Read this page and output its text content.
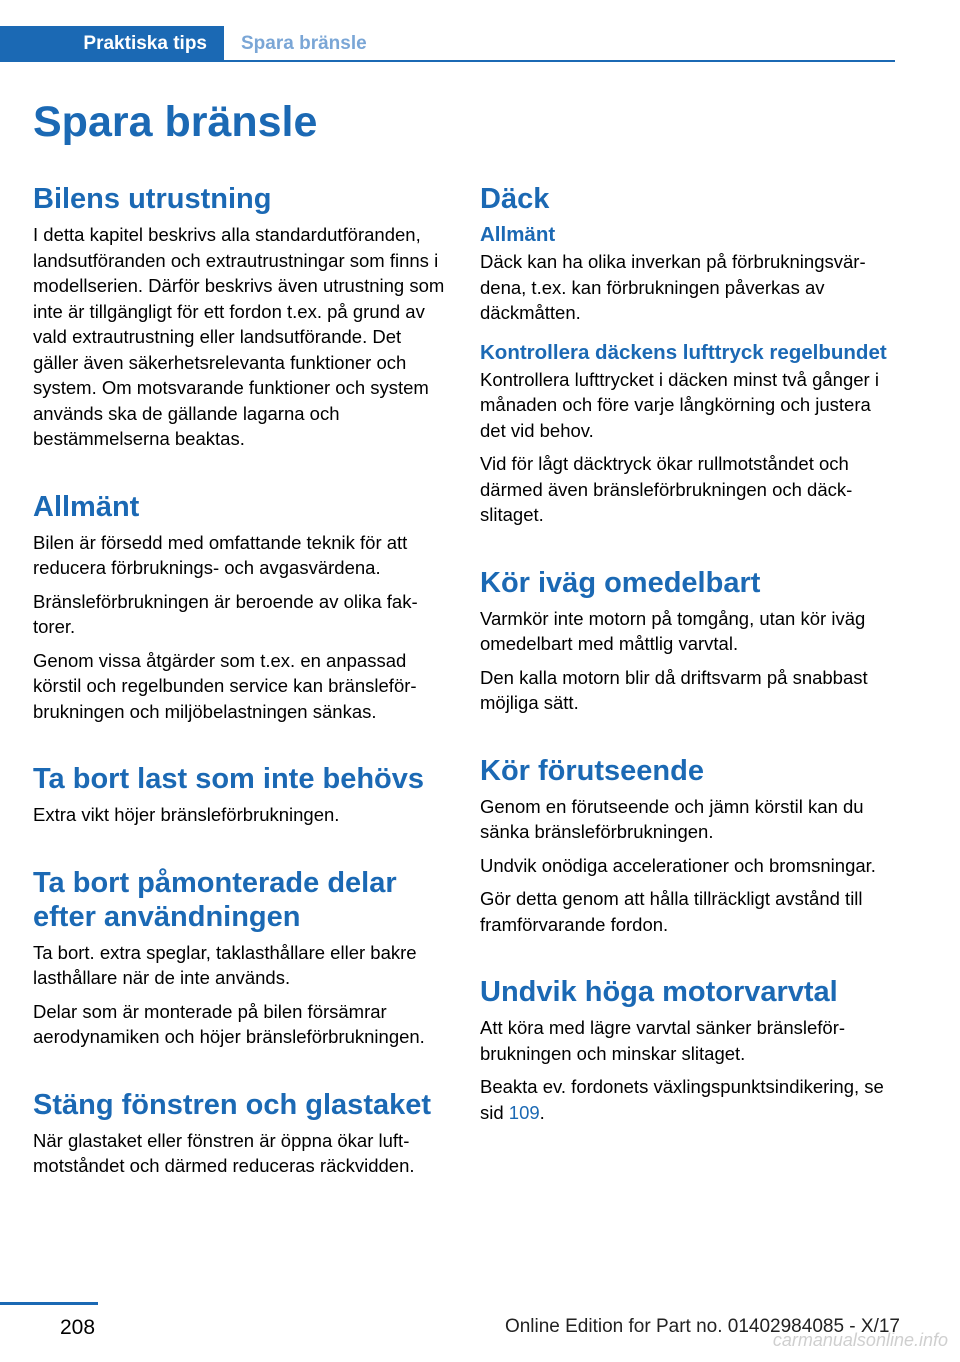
Praktiska tips	Spara bränsle
Spara bränsle
Bilens utrustning

I detta kapitel beskrivs alla standardutföranden, landsutföranden och extrautrustningar som finns i modellserien. Därför beskrivs även utrustning som inte är tillgängligt för ett fordon t.ex. på grund av vald extrautrustning eller landsutförande. Det gäller även säkerhetsrelevanta funktioner och system. Om motsvarande funktioner och system används ska de gällande lagarna och bestämmelserna beaktas.

Allmänt

Bilen är försedd med omfattande teknik för att reducera förbruknings- och avgasvärdena.

Bränsleförbrukningen är beroende av olika faktorer.

Genom vissa åtgärder som t.ex. en anpassad körstil och regelbunden service kan bränsleförbrukningen och miljöbelastningen sänkas.

Ta bort last som inte behövs

Extra vikt höjer bränsleförbrukningen.

Ta bort påmonterade delar efter användningen

Ta bort. extra speglar, taklasthållare eller bakre lasthållare när de inte används.

Delar som är monterade på bilen försämrar aerodynamiken och höjer bränsleförbrukningen.

Stäng fönstren och glastaket

När glastaket eller fönstren är öppna ökar luftmotståndet och därmed reduceras räckvidden.

Däck
Allmänt

Däck kan ha olika inverkan på förbrukningsvärdena, t.ex. kan förbrukningen påverkas av däckmåtten.

Kontrollera däckens lufttryck regelbundet

Kontrollera lufttrycket i däcken minst två gånger i månaden och före varje långkörning och justera det vid behov.

Vid för lågt däcktryck ökar rullmotståndet och därmed även bränsleförbrukningen och däckslitaget.

Kör iväg omedelbart

Varmkör inte motorn på tomgång, utan kör iväg omedelbart med måttlig varvtal.

Den kalla motorn blir då driftsvarm på snabbast möjliga sätt.

Kör förutseende

Genom en förutseende och jämn körstil kan du sänka bränsleförbrukningen.

Undvik onödiga accelerationer och bromsningar.

Gör detta genom att hålla tillräckligt avstånd till framförvarande fordon.

Undvik höga motorvarvtal

Att köra med lägre varvtal sänker bränsleförbrukningen och minskar slitaget.

Beakta ev. fordonets växlingspunktsindikering, se sid 109.

208	Online Edition for Part no. 01402984085 - X/17
carmanualsonline.info
